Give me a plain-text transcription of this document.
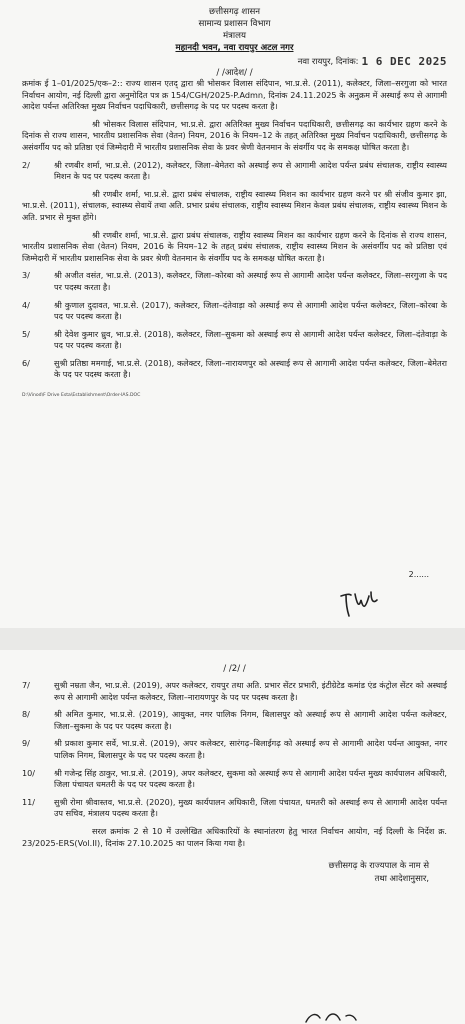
छत्तीसगढ़ शासन
सामान्य प्रशासन विभाग
मंत्रालय
महानदी भवन, नवा रायपुर अटल नगर
नवा रायपुर, दिनांक: 1 6 DEC 2025
/ /आदेश/ /

क्रमांक ई 1–01/2025/एक–2:: राज्य शासन एतद् द्वारा श्री भोसकर विलास संदिपान, भा.प्र.से. (2011), कलेक्टर, जिला–सरगुजा को भारत निर्वाचन आयोग, नई दिल्ली द्वारा अनुमोदित पत्र क्र 154/CGH/2025-P.Admn, दिनांक 24.11.2025 के अनुक्रम में अस्थाई रूप से आगामी आदेश पर्यन्त अतिरिक्त मुख्य निर्वाचन पदाधिकारी, छत्तीसगढ़ के पद पर पदस्थ करता है।

श्री भोसकर विलास संदिपान, भा.प्र.से. द्वारा अतिरिक्त मुख्य निर्वाचन पदाधिकारी, छत्तीसगढ़ का कार्यभार ग्रहण करने के दिनांक से राज्य शासन, भारतीय प्रशासनिक सेवा (वेतन) नियम, 2016 के नियम–12 के तहत् अतिरिक्त मुख्य निर्वाचन पदाधिकारी, छत्तीसगढ़ के असंवर्गीय पद को प्रतिष्ठा एवं जिम्मेदारी में भारतीय प्रशासनिक सेवा के प्रवर श्रेणी वेतनमान के संवर्गीय पद के समकक्ष घोषित करता है।

2/	श्री रणबीर शर्मा, भा.प्र.से. (2012), कलेक्टर, जिला–बेमेतरा को अस्थाई रूप से आगामी आदेश पर्यन्त प्रबंध संचालक, राष्ट्रीय स्वास्थ्य मिशन के पद पर पदस्थ करता है।

श्री रणबीर शर्मा, भा.प्र.से. द्वारा प्रबंध संचालक, राष्ट्रीय स्वास्थ्य मिशन का कार्यभार ग्रहण करने पर श्री संजीव कुमार झा, भा.प्र.से. (2011), संचालक, स्वास्थ्य सेवायें तथा अति. प्रभार प्रबंध संचालक, राष्ट्रीय स्वास्थ्य मिशन केवल प्रबंध संचालक, राष्ट्रीय स्वास्थ्य मिशन के अति. प्रभार से मुक्त होंगे।

श्री रणबीर शर्मा, भा.प्र.से. द्वारा प्रबंध संचालक, राष्ट्रीय स्वास्थ्य मिशन का कार्यभार ग्रहण करने के दिनांक से राज्य शासन, भारतीय प्रशासनिक सेवा (वेतन) नियम, 2016 के नियम–12 के तहत् प्रबंध संचालक, राष्ट्रीय स्वास्थ्य मिशन के असंवर्गीय पद को प्रतिष्ठा एवं जिम्मेदारी में भारतीय प्रशासनिक सेवा के प्रवर श्रेणी वेतनमान के संवर्गीय पद के समकक्ष घोषित करता है।

3/	श्री अजीत वसंत, भा.प्र.से. (2013), कलेक्टर, जिला–कोरबा को अस्थाई रूप से आगामी आदेश पर्यन्त कलेक्टर, जिला–सरगुजा के पद पर पदस्थ करता है।

4/	श्री कुणाल दुदावत, भा.प्र.से. (2017), कलेक्टर, जिला–दंतेवाड़ा को अस्थाई रूप से आगामी आदेश पर्यन्त कलेक्टर, जिला–कोरबा के पद पर पदस्थ करता है।

5/	श्री देवेश कुमार ध्रुव, भा.प्र.से. (2018), कलेक्टर, जिला–सुकमा को अस्थाई रूप से आगामी आदेश पर्यन्त कलेक्टर, जिला–दंतेवाड़ा के पद पर पदस्थ करता है।

6/	सुश्री प्रतिष्ठा ममगाई, भा.प्र.से. (2018), कलेक्टर, जिला–नारायणपुर को अस्थाई रूप से आगामी आदेश पर्यन्त कलेक्टर, जिला–बेमेतरा के पद पर पदस्थ करता है।

D:\Vinod\F Drive Esta\Establishment\Order-IAS.DOC
2......
/ /2/ /
7/	सुश्री नम्रता जैन, भा.प्र.से. (2019), अपर कलेक्टर, रायपुर तथा अति. प्रभार सेंटर प्रभारी, इंटीग्रेटेड कमांड एंड कंट्रोल सेंटर को अस्थाई रूप से आगामी आदेश पर्यन्त कलेक्टर, जिला–नारायणपुर के पद पर पदस्थ करता है।

8/	श्री अमित कुमार, भा.प्र.से. (2019), आयुक्त, नगर पालिक निगम, बिलासपुर को अस्थाई रूप से आगामी आदेश पर्यन्त कलेक्टर, जिला–सुकमा के पद पर पदस्थ करता है।

9/	श्री प्रकाश कुमार सर्वे, भा.प्र.से. (2019), अपर कलेक्टर, सारंगढ़–बिलाईगढ़ को अस्थाई रूप से आगामी आदेश पर्यन्त आयुक्त, नगर पालिक निगम, बिलासपुर के पद पर पदस्थ करता है।

10/	श्री गजेन्द्र सिंह ठाकुर, भा.प्र.से. (2019), अपर कलेक्टर, सुकमा को अस्थाई रूप से आगामी आदेश पर्यन्त मुख्य कार्यपालन अधिकारी, जिला पंचायत धमतरी के पद पर पदस्थ करता है।

11/	सुश्री रोमा श्रीवास्तव, भा.प्र.से. (2020), मुख्य कार्यपालन अधिकारी, जिला पंचायत, धमतरी को अस्थाई रूप से आगामी आदेश पर्यन्त उप सचिव, मंत्रालय पदस्थ करता है।

सरल क्रमांक 2 से 10 में उल्लेखित अधिकारियों के स्थानांतरण हेतु भारत निर्वाचन आयोग, नई दिल्ली के निर्देश क्र. 23/2025-ERS(Vol.II), दिनांक 27.10.2025 का पालन किया गया है।

छत्तीसगढ़ के राज्यपाल के नाम से
तथा आदेशानुसार,
